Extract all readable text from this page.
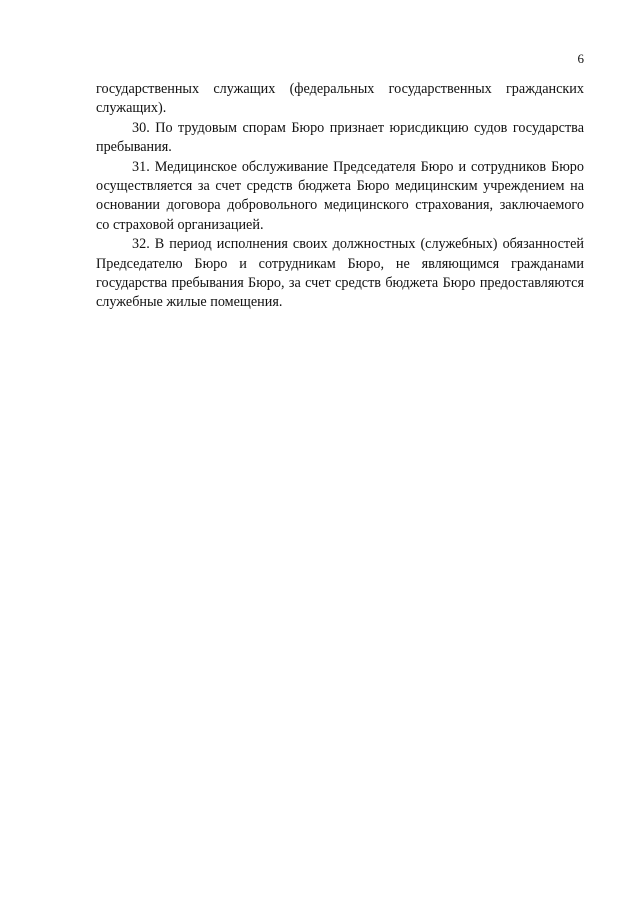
6

государственных служащих (федеральных государственных гражданских служащих).

30. По трудовым спорам Бюро признает юрисдикцию судов государства пребывания.

31. Медицинское обслуживание Председателя Бюро и сотрудников Бюро осуществляется за счет средств бюджета Бюро медицинским учреждением на основании договора добровольного медицинского страхования, заключаемого со страховой организацией.

32. В период исполнения своих должностных (служебных) обязанностей Председателю Бюро и сотрудникам Бюро, не являющимся гражданами государства пребывания Бюро, за счет средств бюджета Бюро предоставляются служебные жилые помещения.
